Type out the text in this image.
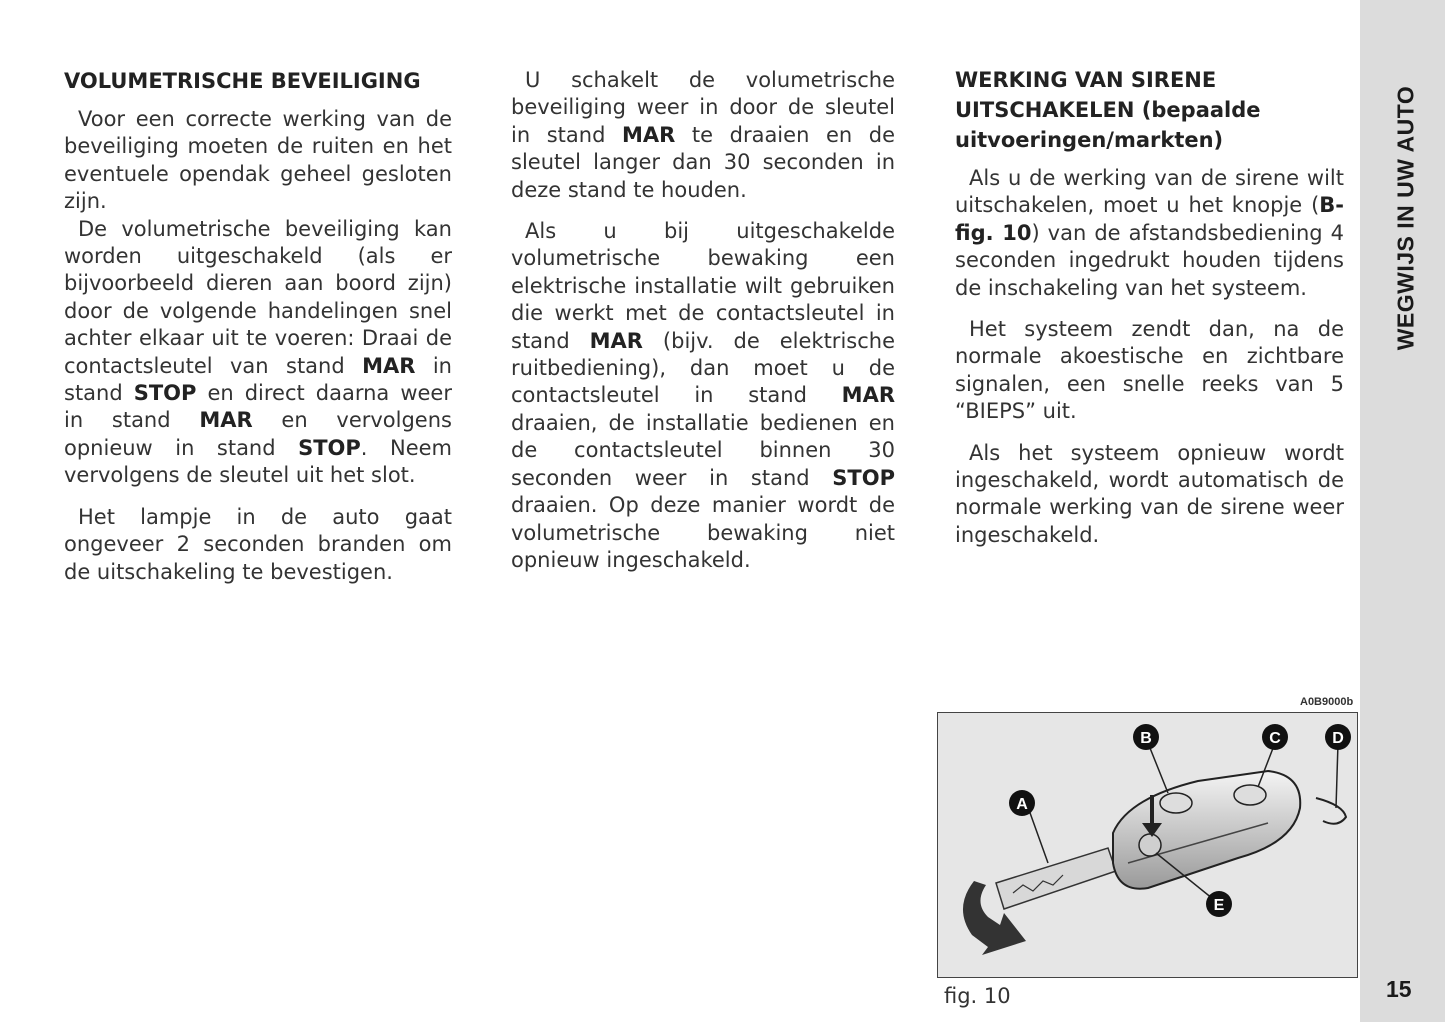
WEGWIJS IN UW AUTO
15
VOLUMETRISCHE BEVEILIGING

Voor een correcte werking van de beveiliging moeten de ruiten en het eventuele opendak geheel gesloten zijn.

De volumetrische beveiliging kan worden uitgeschakeld (als er bijvoorbeeld dieren aan boord zijn) door de volgende handelingen snel achter elkaar uit te voeren: Draai de contactsleutel van stand MAR in stand STOP en direct daarna weer in stand MAR en vervolgens opnieuw in stand STOP. Neem vervolgens de sleutel uit het slot.

Het lampje in de auto gaat ongeveer 2 seconden branden om de uitschakeling te bevestigen.

U schakelt de volumetrische beveiliging weer in door de sleutel in stand MAR te draaien en de sleutel langer dan 30 seconden in deze stand te houden.

Als u bij uitgeschakelde volumetrische bewaking een elektrische installatie wilt gebruiken die werkt met de contactsleutel in stand MAR (bijv. de elektrische ruitbediening), dan moet u de contactsleutel in stand MAR draaien, de installatie bedienen en de contactsleutel binnen 30 seconden weer in stand STOP draaien. Op deze manier wordt de volumetrische bewaking niet opnieuw ingeschakeld.

WERKING VAN SIRENE UITSCHAKELEN (bepaalde uitvoeringen/markten)

Als u de werking van de sirene wilt uitschakelen, moet u het knopje (B-fig. 10) van de afstandsbediening 4 seconden ingedrukt houden tijdens de inschakeling van het systeem.

Het systeem zendt dan, na de normale akoestische en zichtbare signalen, een snelle reeks van 5 “BIEPS” uit.

Als het systeem opnieuw wordt ingeschakeld, wordt automatisch de normale werking van de sirene weer ingeschakeld.

A0B9000b
A
B	C	D
E
fig. 10
